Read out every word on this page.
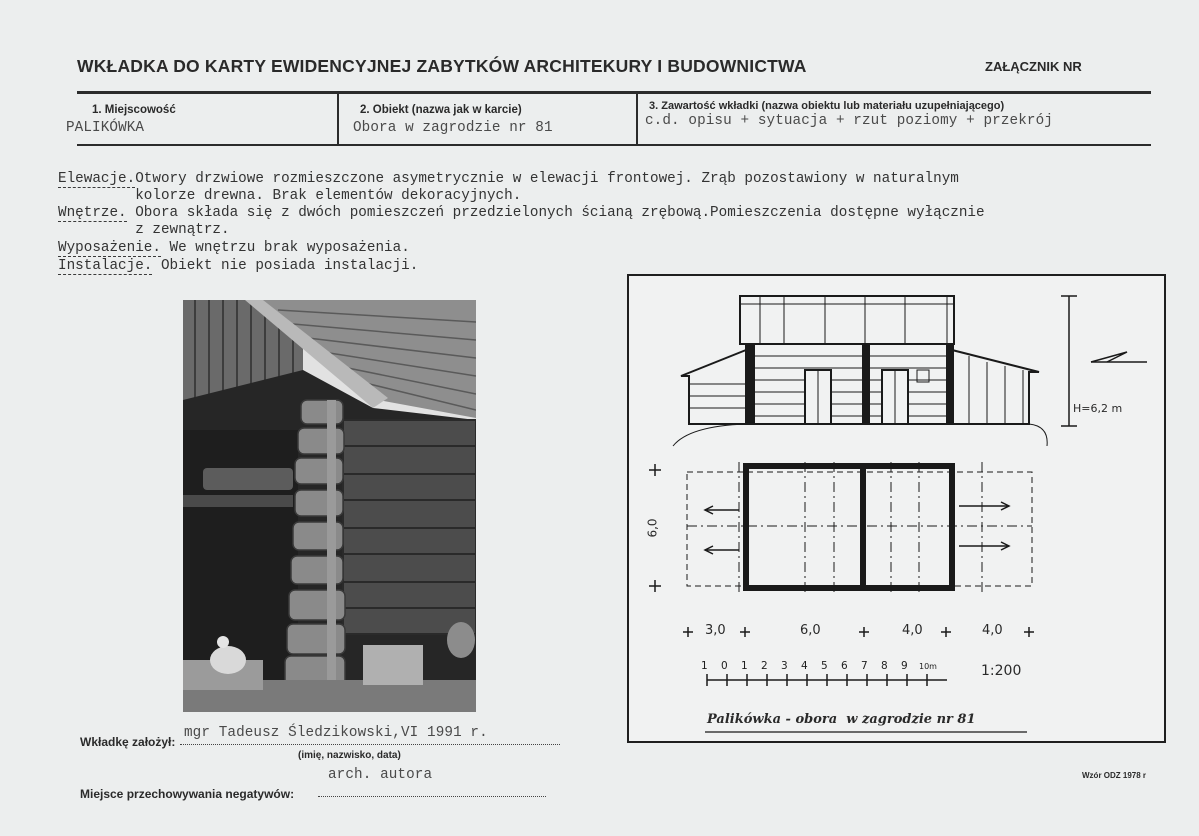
WKŁADKA DO KARTY EWIDENCYJNEJ ZABYTKÓW ARCHITEKURY I BUDOWNICTWA	ZAŁĄCZNIK NR
1. Miejscowość
PALIKÓWKA
2. Obiekt (nazwa jak w karcie)
Obora w zagrodzie nr 81
3. Zawartość wkładki (nazwa obiektu lub materiału uzupełniającego)
c.d. opisu + sytuacja + rzut poziomy + przekrój
Elewacje.Otwory drzwiowe rozmieszczone asymetrycznie w elewacji frontowej. Zrąb pozostawiony w naturalnym
kolorze drewna. Brak elementów dekoracyjnych.
Wnętrze. Obora składa się z dwóch pomieszczeń przedzielonych ścianą zrębową.Pomieszczenia dostępne wyłącznie
z zewnątrz.
Wyposażenie. We wnętrzu brak wyposażenia.
Instalacje. Obiekt nie posiada instalacji.
H=6,2 m
6,0
3,0	6,0	4,0	4,0
1 0 1 2 3 4 5 6 7 8 9 10m	1:200
Palikówka - obora  w zagrodzie nr 81
Wkładkę założył:
mgr Tadeusz Śledzikowski,VI 1991 r.
(imię, nazwisko, data)
arch. autora
Miejsce przechowywania negatywów:
Wzór ODZ 1978 r
